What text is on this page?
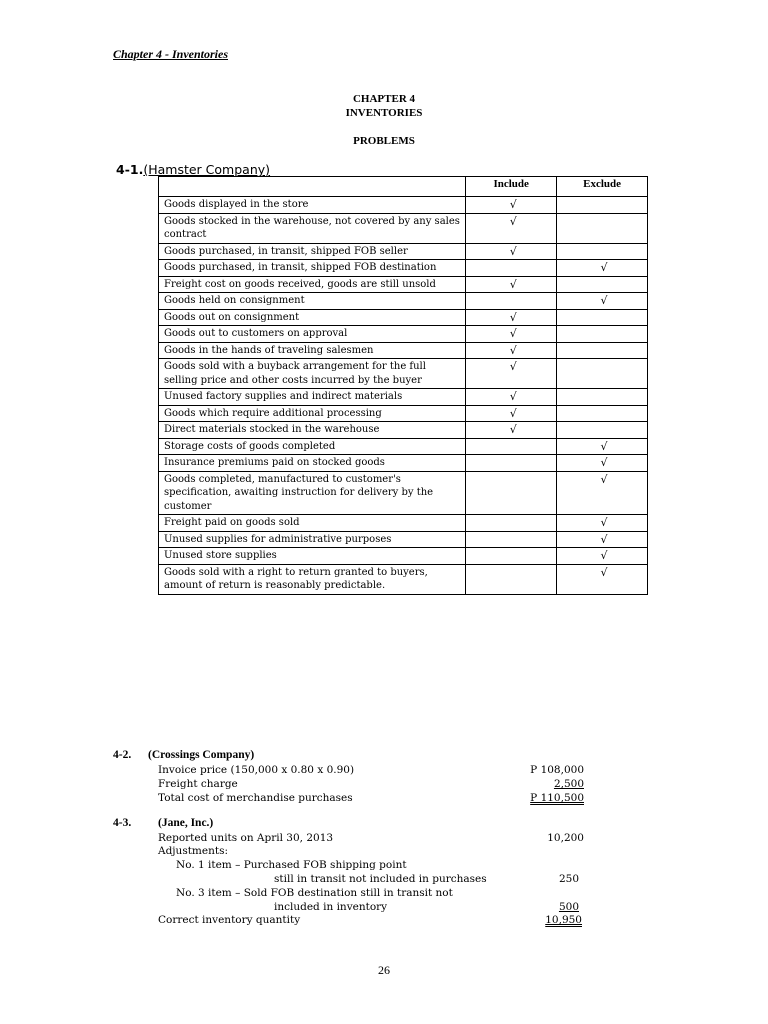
Chapter 4 - Inventories
CHAPTER 4
INVENTORIES
PROBLEMS
4-1.(Hamster Company)
	Include	Exclude
Goods displayed in the store	√	
Goods stocked in the warehouse, not covered by any sales contract	√	
Goods purchased, in transit, shipped FOB seller	√	
Goods purchased, in transit, shipped FOB destination		√
Freight cost on goods received, goods are still unsold	√	
Goods held on consignment		√
Goods out on consignment	√	
Goods out to customers on approval	√	
Goods in the hands of traveling salesmen	√	
Goods sold with a buyback arrangement for the full selling price and other costs incurred by the buyer	√	
Unused factory supplies and indirect materials	√	
Goods which require additional processing	√	
Direct materials stocked in the warehouse	√	
Storage costs of goods completed		√
Insurance premiums paid on stocked goods		√
Goods completed, manufactured to customer's specification, awaiting instruction for delivery by the customer		√
Freight paid on goods sold		√
Unused supplies for administrative purposes		√
Unused store supplies		√
Goods sold with a right to return granted to buyers, amount of return is reasonably predictable.		√
4-2. (Crossings Company)
Invoice price (150,000 x 0.80 x 0.90)	P 108,000
Freight charge	2,500
Total cost of merchandise purchases	P 110,500
4-3. (Jane, Inc.)
Reported units on April 30, 2013	10,200
Adjustments:
No. 1 item – Purchased FOB shipping point
still in transit not included in purchases	250
No. 3 item – Sold FOB destination still in transit not
included in inventory	500
Correct inventory quantity	10,950
26
